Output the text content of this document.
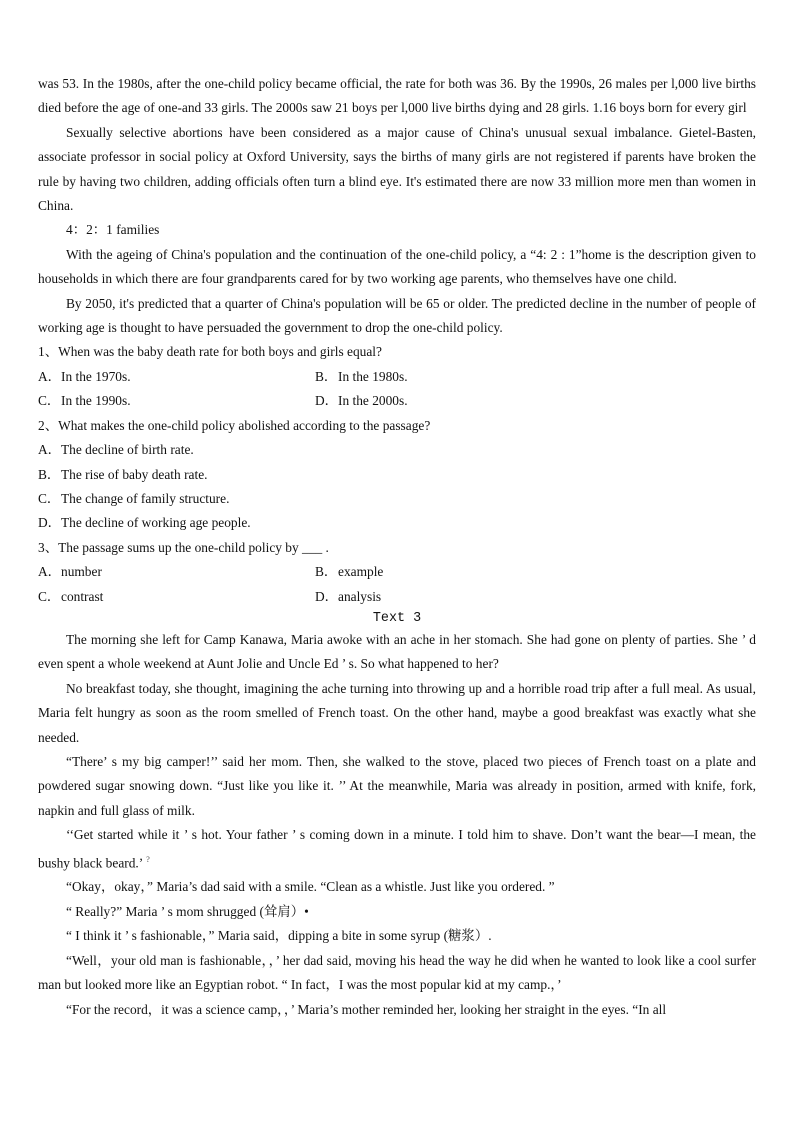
was 53. In the 1980s, after the one-child policy became official, the rate for both was 36. By the 1990s, 26 males per l,000 live births died before the age of one-and 33 girls. The 2000s saw 21 boys per l,000 live births dying and 28 girls. 1.16 boys born for every girl

Sexually selective abortions have been considered as a major cause of China's unusual sexual imbalance. Gietel-Basten, associate professor in social policy at Oxford University, says the births of many girls are not registered if parents have broken the rule by having two children, adding officials often turn a blind eye. It's estimated there are now 33 million more men than women in China.

4：2：1 families

With the ageing of China's population and the continuation of the one-child policy, a “4: 2 : 1”home is the description given to households in which there are four grandparents cared for by two working age parents, who themselves have one child.

By 2050, it's predicted that a quarter of China's population will be 65 or older. The predicted decline in the number of people of working age is thought to have persuaded the government to drop the one-child policy.

1、When was the baby death rate for both boys and girls equal?

A．In the 1970s.	B．In the 1980s.
C．In the 1990s.	D．In the 2000s.

2、What makes the one-child policy abolished according to the passage?

A．The decline of birth rate.

B．The rise of baby death rate.

C．The change of family structure.

D．The decline of working age people.

3、The passage sums up the one-child policy by ___ .

A．number	B．example
C．contrast	D．analysis

Text 3

The morning she left for Camp Kanawa, Maria awoke with an ache in her stomach. She had gone on plenty of parties. She ’ d even spent a whole weekend at Aunt Jolie and Uncle Ed ’ s. So what happened to her?

No breakfast today, she thought, imagining the ache turning into throwing up and a horrible road trip after a full meal. As usual, Maria felt hungry as soon as the room smelled of French toast. On the other hand, maybe a good breakfast was exactly what she needed.

“There’ s my big camper!’’ said her mom. Then, she walked to the stove, placed two pieces of French toast on a plate and powdered sugar snowing down. “Just like you like it. ’’ At the meanwhile, Maria was already in position, armed with knife, fork, napkin and full glass of milk.

‘‘Get started while it ’ s hot. Your father ’ s coming down in a minute. I told him to shave. Don’t want the bear—I mean, the bushy black beard.’ ?

“Okay，okay，” Maria’s dad said with a smile. “Clean as a whistle. Just like you ordered. ”

“ Really?” Maria ’ s mom shrugged (耸肩）•

“ I think it ’ s fashionable，” Maria said，dipping a bite in some syrup (糖浆）.

“Well，your old man is fashionable，，’ her dad said, moving his head the way he did when he wanted to look like a cool surfer man but looked more like an Egyptian robot. “ In fact，I was the most popular kid at my camp.，’

“For the record，it was a science camp，，’ Maria’s mother reminded her, looking her straight in the eyes. “In all
